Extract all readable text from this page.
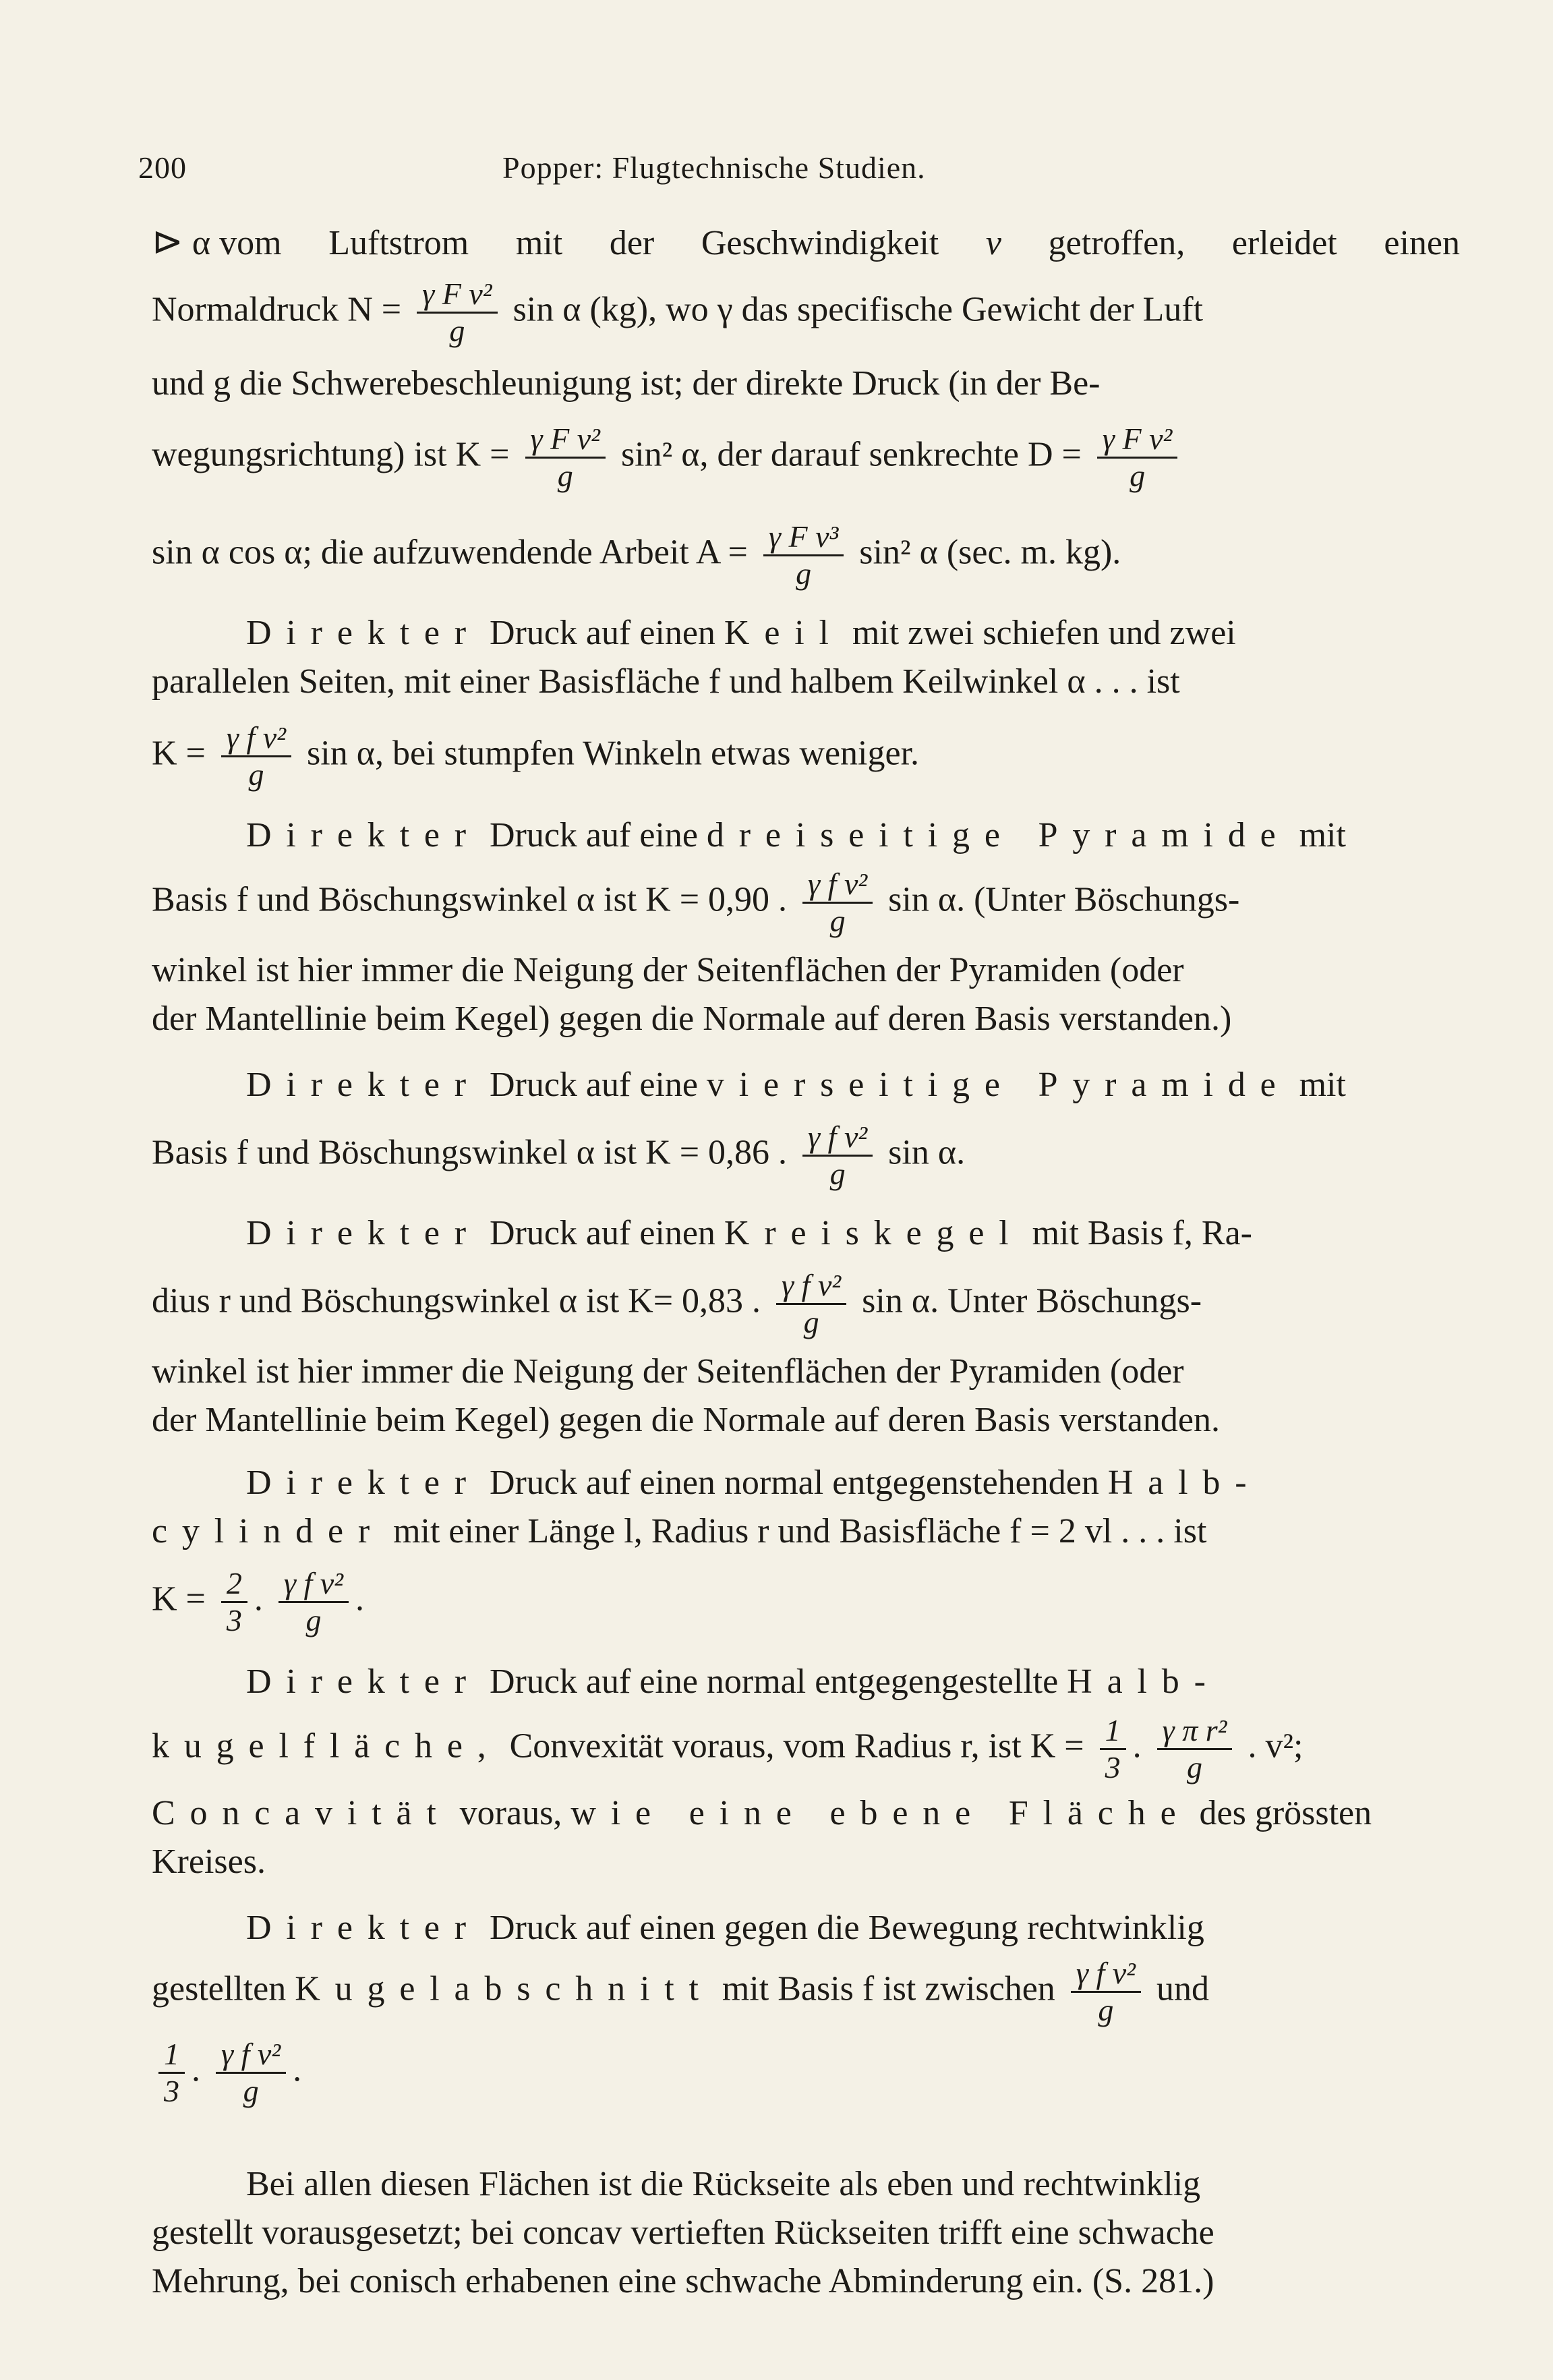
200	Popper: Flugtechnische Studien.
⊳ α vom Luftstrom mit der Geschwindigkeit v getroffen, erleidet einen
Normaldruck $N = \frac{\text{γ F v²}}{g}$ sin α (kg), wo γ das specifische Gewicht der Luft
und g die Schwerebeschleunigung ist; der direkte Druck (in der Be-
wegungsrichtung) ist $K = \frac{\text{γ F v²}}{g} \sin^2$ α, der darauf senkrechte $D = \frac{\text{γ F v²}}{g}$
sin α cos α; die aufzuwendende Arbeit $A = \frac{\text{γ F v³}}{g} \sin^2$ α (sec. m. kg).
Direkter Druck auf einen Keil mit zwei schiefen und zwei
parallelen Seiten, mit einer Basisfläche f und halbem Keilwinkel α . . . ist
$K = \frac{\text{γ f v²}}{g}$ sin α, bei stumpfen Winkeln etwas weniger.
Direkter Druck auf eine dreiseitige Pyramide mit
Basis f und Böschungswinkel α ist K = 0,90 . $\frac{\text{γ f v²}}{g}$ sin α. (Unter Böschungs-
winkel ist hier immer die Neigung der Seitenflächen der Pyramiden (oder
der Mantellinie beim Kegel) gegen die Normale auf deren Basis verstanden.)
Direkter Druck auf eine vierseitige Pyramide mit
Basis f und Böschungswinkel α ist K = 0,86 . $\frac{\text{γ f v²}}{g}$ sin α.
Direkter Druck auf einen Kreiskegel mit Basis f, Ra-
dius r und Böschungswinkel α ist K= 0,83 . $\frac{\text{γ f v²}}{g}$ sin α. Unter Böschungs-
winkel ist hier immer die Neigung der Seitenflächen der Pyramiden (oder
der Mantellinie beim Kegel) gegen die Normale auf deren Basis verstanden.
Direkter Druck auf einen normal entgegenstehenden Halb-
cylinder mit einer Länge l, Radius r und Basisfläche f = 2 vl . . . ist
$K = \frac{2}{3}$ . $\frac{\text{γ f v²}}{g}$ .
Direkter Druck auf eine normal entgegengestellte Halb-
kugelfläche, Convexität voraus, vom Radius r, ist $K = \frac{1}{3}$ . $\frac{\text{γ π r²}}{g}$ . v²;
Concavität voraus, wie eine ebene Fläche des grössten
Kreises.
Direkter Druck auf einen gegen die Bewegung rechtwinklig
gestellten Kugelabschnitt mit Basis f ist zwischen $\frac{\text{γ f v²}}{g}$ und
$\frac{1}{3}$ . $\frac{\text{γ f v²}}{g}$ .
Bei allen diesen Flächen ist die Rückseite als eben und rechtwinklig
gestellt vorausgesetzt; bei concav vertieften Rückseiten trifft eine schwache
Mehrung, bei conisch erhabenen eine schwache Abminderung ein. (S. 281.)
